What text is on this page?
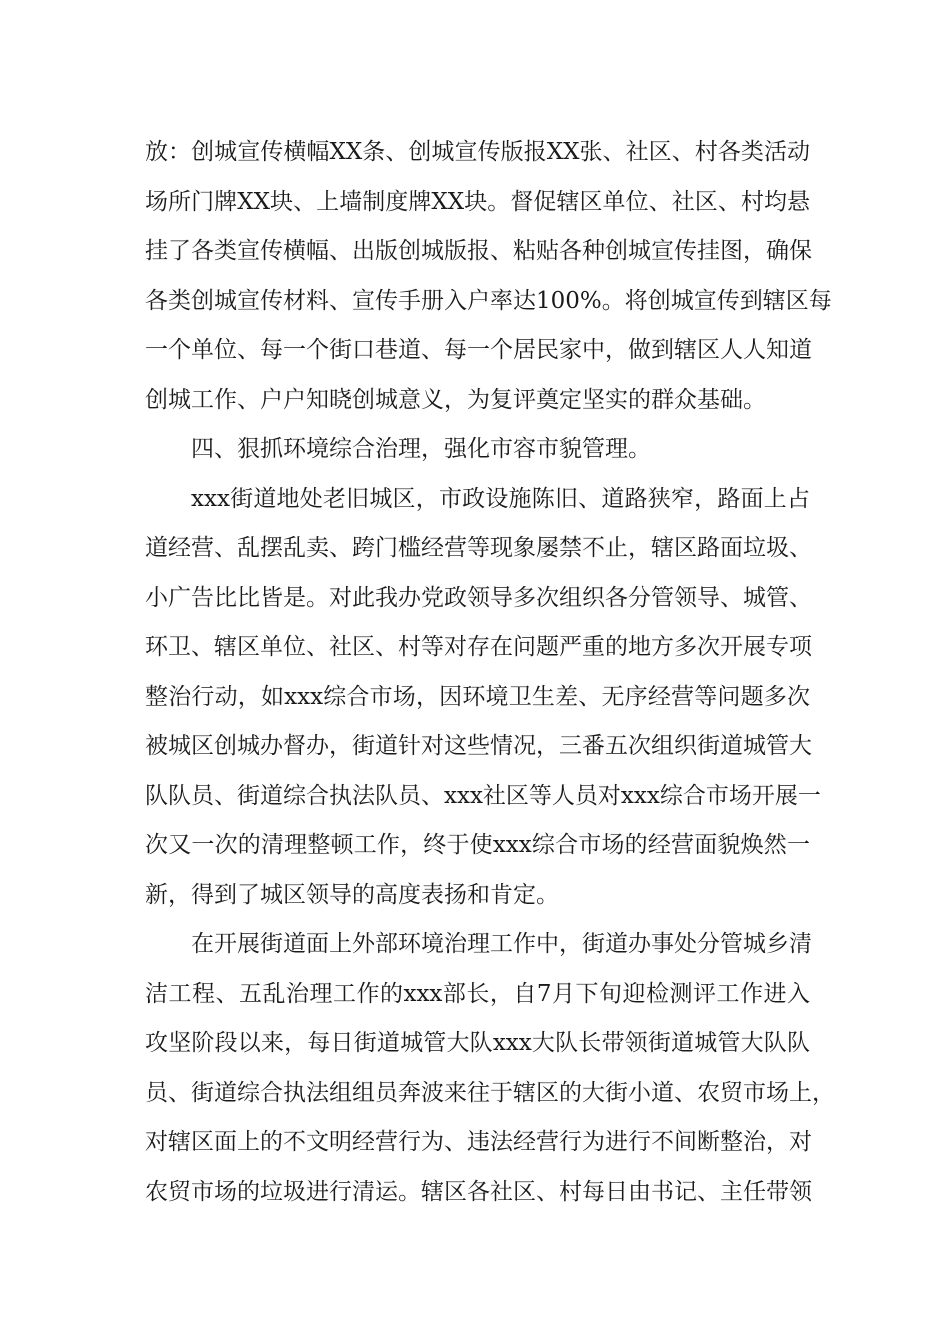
放：创城宣传横幅XX条、创城宣传版报XX张、社区、村各类活动
场所门牌XX块、上墙制度牌XX块。督促辖区单位、社区、村均悬
挂了各类宣传横幅、出版创城版报、粘贴各种创城宣传挂图，确保
各类创城宣传材料、宣传手册入户率达100%。将创城宣传到辖区每
一个单位、每一个街口巷道、每一个居民家中，做到辖区人人知道
创城工作、户户知晓创城意义，为复评奠定坚实的群众基础。
四、狠抓环境综合治理，强化市容市貌管理。
xxx街道地处老旧城区，市政设施陈旧、道路狭窄，路面上占
道经营、乱摆乱卖、跨门槛经营等现象屡禁不止，辖区路面垃圾、
小广告比比皆是。对此我办党政领导多次组织各分管领导、城管、
环卫、辖区单位、社区、村等对存在问题严重的地方多次开展专项
整治行动，如xxx综合市场，因环境卫生差、无序经营等问题多次
被城区创城办督办，街道针对这些情况，三番五次组织街道城管大
队队员、街道综合执法队员、xxx社区等人员对xxx综合市场开展一
次又一次的清理整顿工作，终于使xxx综合市场的经营面貌焕然一
新，得到了城区领导的高度表扬和肯定。
在开展街道面上外部环境治理工作中，街道办事处分管城乡清
洁工程、五乱治理工作的xxx部长，自7月下旬迎检测评工作进入
攻坚阶段以来，每日街道城管大队xxx大队长带领街道城管大队队
员、街道综合执法组组员奔波来往于辖区的大街小道、农贸市场上，
对辖区面上的不文明经营行为、违法经营行为进行不间断整治，对
农贸市场的垃圾进行清运。辖区各社区、村每日由书记、主任带领
